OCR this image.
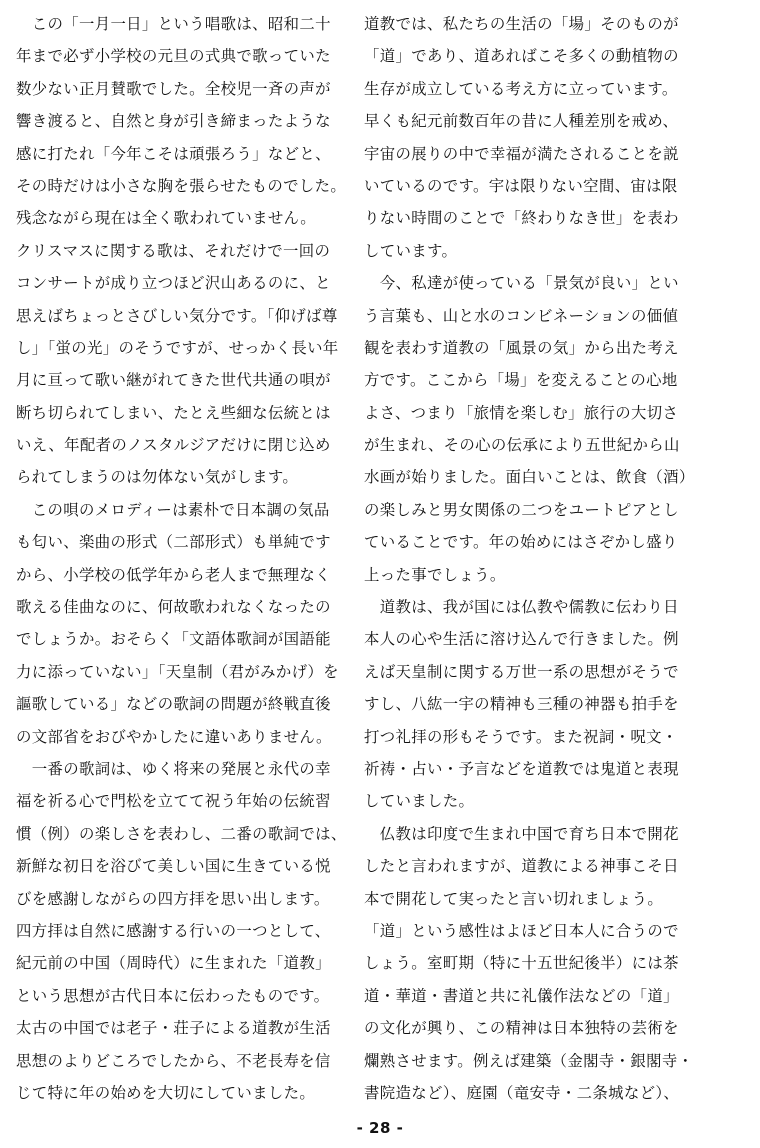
　この「一月一日」という唱歌は、昭和二十
年まで必ず小学校の元旦の式典で歌っていた
数少ない正月賛歌でした。全校児一斉の声が
響き渡ると、自然と身が引き締まったような
感に打たれ「今年こそは頑張ろう」などと、
その時だけは小さな胸を張らせたものでした。
残念ながら現在は全く歌われていません。
クリスマスに関する歌は、それだけで一回の
コンサートが成り立つほど沢山あるのに、と
思えばちょっとさびしい気分です。「仰げば尊
し」「蛍の光」のそうですが、せっかく長い年
月に亘って歌い継がれてきた世代共通の唄が
断ち切られてしまい、たとえ些細な伝統とは
いえ、年配者のノスタルジアだけに閉じ込め
られてしまうのは勿体ない気がします。
　この唄のメロディーは素朴で日本調の気品
も匂い、楽曲の形式（二部形式）も単純です
から、小学校の低学年から老人まで無理なく
歌える佳曲なのに、何故歌われなくなったの
でしょうか。おそらく「文語体歌詞が国語能
力に添っていない」「天皇制（君がみかげ）を
謳歌している」などの歌詞の問題が終戦直後
の文部省をおびやかしたに違いありません。
　一番の歌詞は、ゆく将来の発展と永代の幸
福を祈る心で門松を立てて祝う年始の伝統習
慣（例）の楽しさを表わし、二番の歌詞では、
新鮮な初日を浴びて美しい国に生きている悦
びを感謝しながらの四方拝を思い出します。
四方拝は自然に感謝する行いの一つとして、
紀元前の中国（周時代）に生まれた「道教」
という思想が古代日本に伝わったものです。
太古の中国では老子・荘子による道教が生活
思想のよりどころでしたから、不老長寿を信
じて特に年の始めを大切にしていました。
道教では、私たちの生活の「場」そのものが
「道」であり、道あればこそ多くの動植物の
生存が成立している考え方に立っています。
早くも紀元前数百年の昔に人種差別を戒め、
宇宙の展りの中で幸福が満たされることを説
いているのです。宇は限りない空間、宙は限
りない時間のことで「終わりなき世」を表わ
しています。
　今、私達が使っている「景気が良い」とい
う言葉も、山と水のコンビネーションの価値
観を表わす道教の「風景の気」から出た考え
方です。ここから「場」を変えることの心地
よさ、つまり「旅情を楽しむ」旅行の大切さ
が生まれ、その心の伝承により五世紀から山
水画が始りました。面白いことは、飲食（酒）
の楽しみと男女関係の二つをユートピアとし
ていることです。年の始めにはさぞかし盛り
上った事でしょう。
　道教は、我が国には仏教や儒教に伝わり日
本人の心や生活に溶け込んで行きました。例
えば天皇制に関する万世一系の思想がそうで
すし、八紘一宇の精神も三種の神器も拍手を
打つ礼拝の形もそうです。また祝詞・呪文・
祈祷・占い・予言などを道教では鬼道と表現
していました。
　仏教は印度で生まれ中国で育ち日本で開花
したと言われますが、道教による神事こそ日
本で開花して実ったと言い切れましょう。
「道」という感性はよほど日本人に合うので
しょう。室町期（特に十五世紀後半）には茶
道・華道・書道と共に礼儀作法などの「道」
の文化が興り、この精神は日本独特の芸術を
爛熟させます。例えば建築（金閣寺・銀閣寺・
書院造など）、庭園（竜安寺・二条城など）、
- 28 -
